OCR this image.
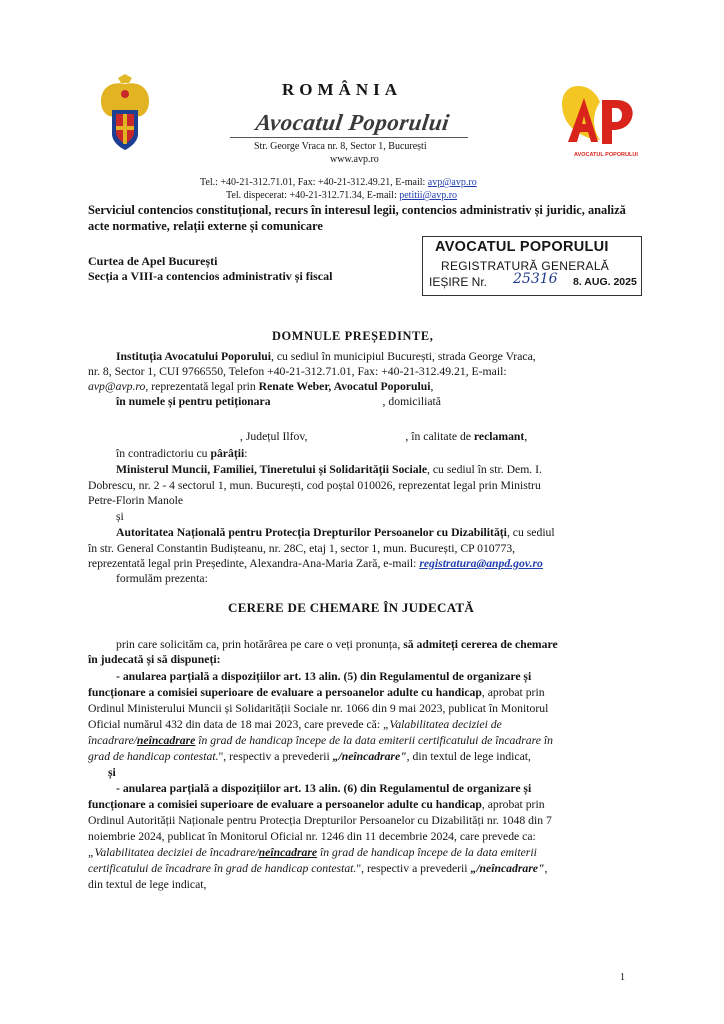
AVOCATUL POPORULUI
ROMÂNIA
Avocatul Poporului
Str. George Vraca nr. 8, Sector 1, București
www.avp.ro
Tel.: +40-21-312.71.01, Fax: +40-21-312.49.21, E-mail: avp@avp.ro
Tel. dispecerat: +40-21-312.71.34, E-mail: petitii@avp.ro
Serviciul contencios constituțional, recurs în interesul legii, contencios administrativ și juridic, analiză acte normative, relații externe și comunicare
Curtea de Apel București
Secția a VIII-a contencios administrativ și fiscal
AVOCATUL POPORULUI
REGISTRATURĂ GENERALĂ
IEȘIRE Nr. 25316 8. AUG. 2025
DOMNULE PREȘEDINTE,

Instituția Avocatului Poporului, cu sediul în municipiul București, strada George Vraca,

nr. 8, Sector 1, CUI 9766550, Telefon +40-21-312.71.01, Fax: +40-21-312.49.21, E-mail:

avp@avp.ro, reprezentată legal prin Renate Weber, Avocatul Poporului,

în numele și pentru petiționara	, domiciliată

, Județul Ilfov,	, în calitate de reclamant,

în contradictoriu cu pârâții:

Ministerul Muncii, Familiei, Tineretului și Solidarității Sociale, cu sediul în str. Dem. I.

Dobrescu, nr. 2 - 4 sectorul 1, mun. București, cod poștal 010026, reprezentat legal prin Ministru

Petre-Florin Manole

și

Autoritatea Națională pentru Protecția Drepturilor Persoanelor cu Dizabilități, cu sediul

în str. General Constantin Budișteanu, nr. 28C, etaj 1, sector 1, mun. București, CP 010773,

reprezentată legal prin Președinte, Alexandra-Ana-Maria Zară, e-mail: registratura@anpd.gov.ro

formulăm prezenta:

CERERE DE CHEMARE ÎN JUDECATĂ

prin care solicităm ca, prin hotărârea pe care o veți pronunța, să admiteți cererea de chemare

în judecată și să dispuneți:

- anularea parțială a dispozițiilor art. 13 alin. (5) din Regulamentul de organizare și

funcționare a comisiei superioare de evaluare a persoanelor adulte cu handicap, aprobat prin

Ordinul Ministerului Muncii și Solidarității Sociale nr. 1066 din 9 mai 2023, publicat în Monitorul

Oficial numărul 432 din data de 18 mai 2023, care prevede că: „Valabilitatea deciziei de

încadrare/neîncadrare în grad de handicap începe de la data emiterii certificatului de încadrare în

grad de handicap contestat.", respectiv a prevederii „/neîncadrare", din textul de lege indicat,

și

- anularea parțială a dispozițiilor art. 13 alin. (6) din Regulamentul de organizare și

funcționare a comisiei superioare de evaluare a persoanelor adulte cu handicap, aprobat prin

Ordinul Autorității Naționale pentru Protecția Drepturilor Persoanelor cu Dizabilități nr. 1048 din 7

noiembrie 2024, publicat în Monitorul Oficial nr. 1246 din 11 decembrie 2024, care prevede ca:

„Valabilitatea deciziei de încadrare/neîncadrare în grad de handicap începe de la data emiterii

certificatului de încadrare în grad de handicap contestat.", respectiv a prevederii „/neîncadrare",

din textul de lege indicat,

1
